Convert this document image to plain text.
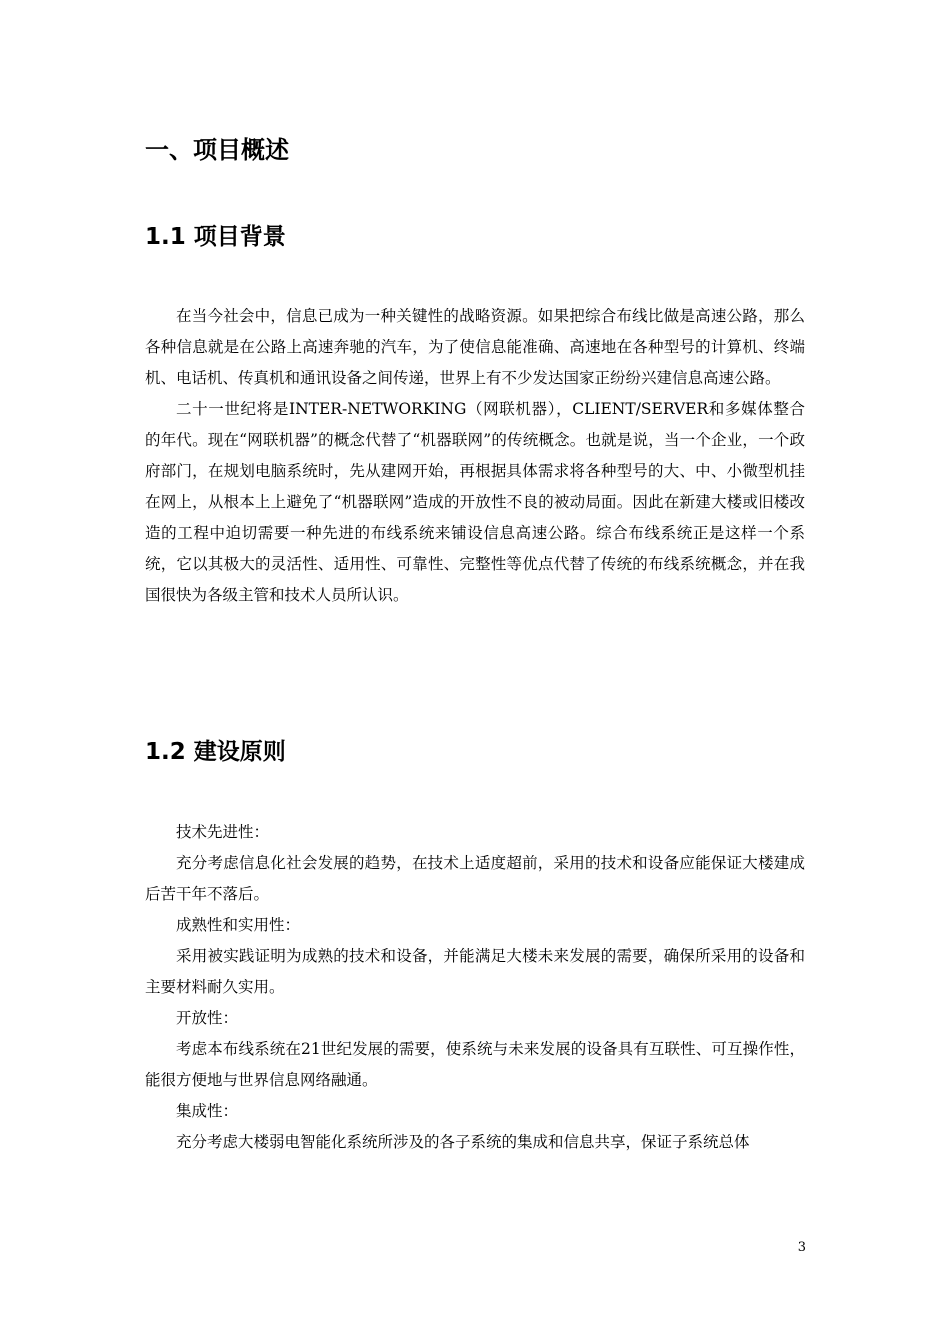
一、项目概述
1.1 项目背景

在当今社会中，信息已成为一种关键性的战略资源。如果把综合布线比做是高速公路，那么各种信息就是在公路上高速奔驰的汽车，为了使信息能准确、高速地在各种型号的计算机、终端机、电话机、传真机和通讯设备之间传递，世界上有不少发达国家正纷纷兴建信息高速公路。

二十一世纪将是INTER-NETWORKING（网联机器），CLIENT/SERVER和多媒体整合的年代。现在“网联机器”的概念代替了“机器联网”的传统概念。也就是说，当一个企业，一个政府部门，在规划电脑系统时，先从建网开始，再根据具体需求将各种型号的大、中、小微型机挂在网上，从根本上上避免了“机器联网”造成的开放性不良的被动局面。因此在新建大楼或旧楼改造的工程中迫切需要一种先进的布线系统来铺设信息高速公路。综合布线系统正是这样一个系统，它以其极大的灵活性、适用性、可靠性、完整性等优点代替了传统的布线系统概念，并在我国很快为各级主管和技术人员所认识。

1.2 建设原则
技术先进性：

充分考虑信息化社会发展的趋势，在技术上适度超前，采用的技术和设备应能保证大楼建成后苦干年不落后。

成熟性和实用性：

采用被实践证明为成熟的技术和设备，并能满足大楼未来发展的需要，确保所采用的设备和主要材料耐久实用。

开放性：

考虑本布线系统在21世纪发展的需要，使系统与未来发展的设备具有互联性、可互操作性，能很方便地与世界信息网络融通。

集成性：

充分考虑大楼弱电智能化系统所涉及的各子系统的集成和信息共享，保证子系统总体

3
